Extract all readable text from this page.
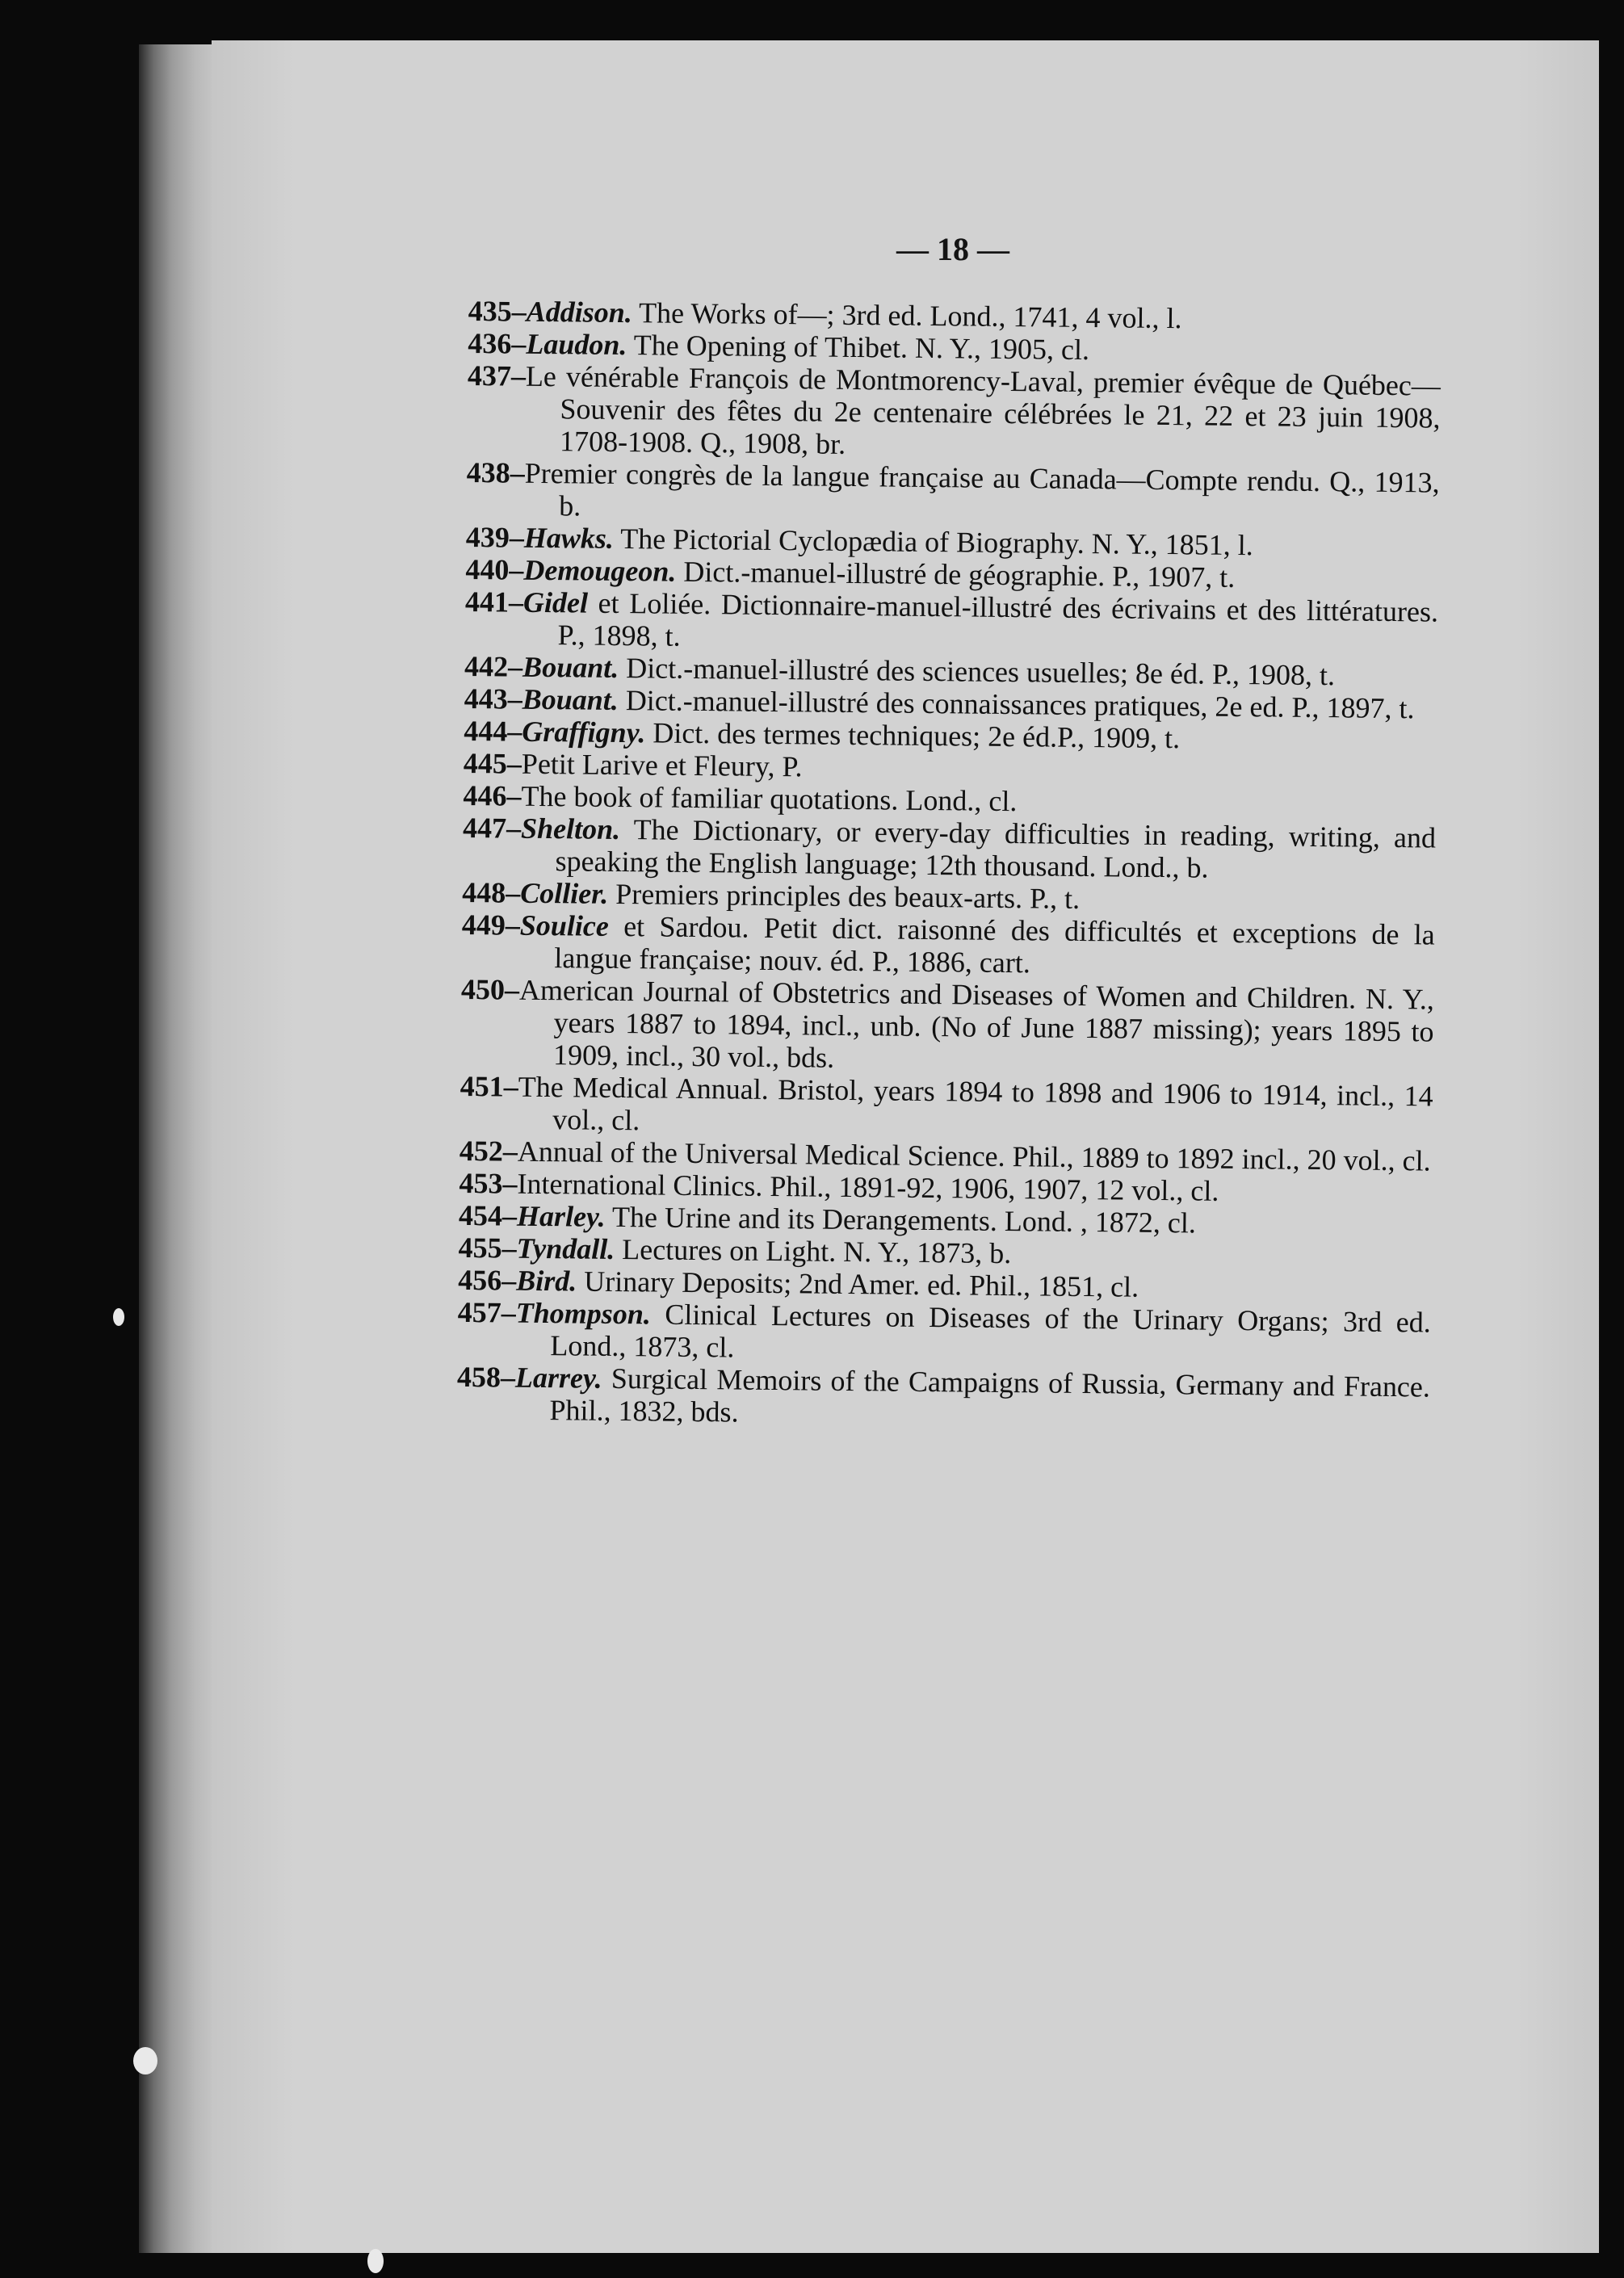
— 18 —

435–Addison. The Works of—; 3rd ed. Lond., 1741, 4 vol., l.

436–Laudon. The Opening of Thibet. N. Y., 1905, cl.

437–Le vénérable François de Montmorency-Laval, premier évêque de Québec—Souvenir des fêtes du 2e centenaire célébrées le 21, 22 et 23 juin 1908, 1708-1908. Q., 1908, br.

438–Premier congrès de la langue française au Canada—Compte rendu. Q., 1913, b.

439–Hawks. The Pictorial Cyclopædia of Biography. N. Y., 1851, l.

440–Demougeon. Dict.-manuel-illustré de géographie. P., 1907, t.

441–Gidel et Loliée. Dictionnaire-manuel-illustré des écrivains et des littératures. P., 1898, t.

442–Bouant. Dict.-manuel-illustré des sciences usuelles; 8e éd. P., 1908, t.

443–Bouant. Dict.-manuel-illustré des connaissances pratiques, 2e ed. P., 1897, t.

444–Graffigny. Dict. des termes techniques; 2e éd.P., 1909, t.

445–Petit Larive et Fleury, P.

446–The book of familiar quotations. Lond., cl.

447–Shelton. The Dictionary, or every-day difficulties in reading, writing, and speaking the English language; 12th thousand. Lond., b.

448–Collier. Premiers principles des beaux-arts. P., t.

449–Soulice et Sardou. Petit dict. raisonné des difficultés et exceptions de la langue française; nouv. éd. P., 1886, cart.

450–American Journal of Obstetrics and Diseases of Women and Children. N. Y., years 1887 to 1894, incl., unb. (No of June 1887 missing); years 1895 to 1909, incl., 30 vol., bds.

451–The Medical Annual. Bristol, years 1894 to 1898 and 1906 to 1914, incl., 14 vol., cl.

452–Annual of the Universal Medical Science. Phil., 1889 to 1892 incl., 20 vol., cl.

453–International Clinics. Phil., 1891-92, 1906, 1907, 12 vol., cl.

454–Harley. The Urine and its Derangements. Lond. , 1872, cl.

455–Tyndall. Lectures on Light. N. Y., 1873, b.

456–Bird. Urinary Deposits; 2nd Amer. ed. Phil., 1851, cl.

457–Thompson. Clinical Lectures on Diseases of the Urinary Organs; 3rd ed. Lond., 1873, cl.

458–Larrey. Surgical Memoirs of the Campaigns of Russia, Germany and France. Phil., 1832, bds.
